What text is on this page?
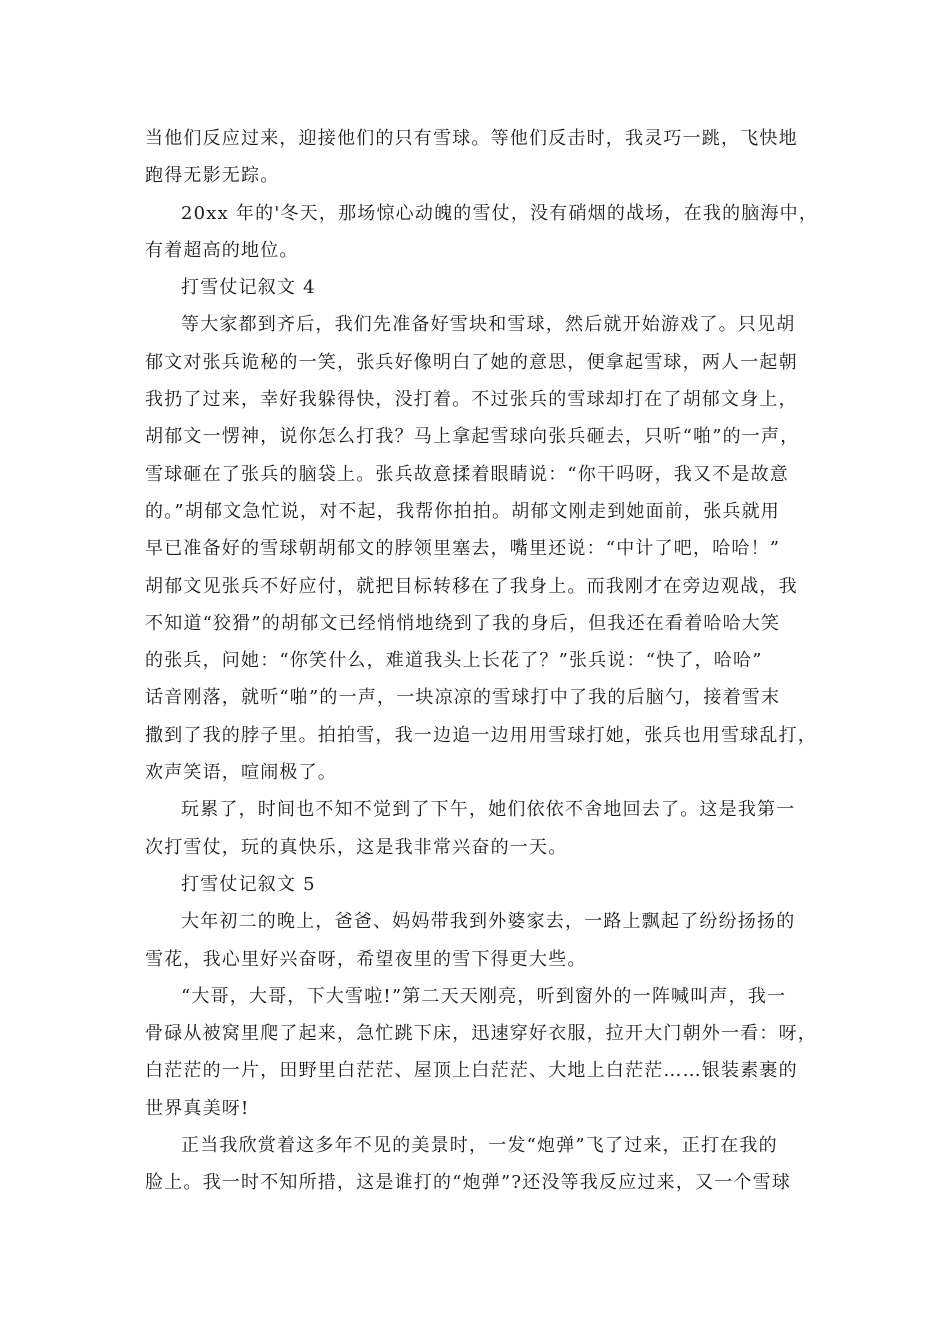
当他们反应过来，迎接他们的只有雪球。等他们反击时，我灵巧一跳，飞快地
跑得无影无踪。
20xx 年的'冬天，那场惊心动魄的雪仗，没有硝烟的战场，在我的脑海中，
有着超高的地位。
打雪仗记叙文 4
等大家都到齐后，我们先准备好雪块和雪球，然后就开始游戏了。只见胡
郁文对张兵诡秘的一笑，张兵好像明白了她的意思，便拿起雪球，两人一起朝
我扔了过来，幸好我躲得快，没打着。不过张兵的雪球却打在了胡郁文身上，
胡郁文一愣神，说你怎么打我？马上拿起雪球向张兵砸去，只听“啪”的一声，
雪球砸在了张兵的脑袋上。张兵故意揉着眼睛说：“你干吗呀，我又不是故意
的。”胡郁文急忙说，对不起，我帮你拍拍。胡郁文刚走到她面前，张兵就用
早已准备好的雪球朝胡郁文的脖领里塞去，嘴里还说：“中计了吧，哈哈！”
胡郁文见张兵不好应付，就把目标转移在了我身上。而我刚才在旁边观战，我
不知道“狡猾”的胡郁文已经悄悄地绕到了我的身后，但我还在看着哈哈大笑
的张兵，问她：“你笑什么，难道我头上长花了？”张兵说：“快了，哈哈”
话音刚落，就听“啪”的一声，一块凉凉的雪球打中了我的后脑勺，接着雪末
撒到了我的脖子里。拍拍雪，我一边追一边用用雪球打她，张兵也用雪球乱打，
欢声笑语，喧闹极了。
玩累了，时间也不知不觉到了下午，她们依依不舍地回去了。这是我第一
次打雪仗，玩的真快乐，这是我非常兴奋的一天。
打雪仗记叙文 5
大年初二的晚上，爸爸、妈妈带我到外婆家去，一路上飘起了纷纷扬扬的
雪花，我心里好兴奋呀，希望夜里的雪下得更大些。
“大哥，大哥，下大雪啦!”第二天天刚亮，听到窗外的一阵喊叫声，我一
骨碌从被窝里爬了起来，急忙跳下床，迅速穿好衣服，拉开大门朝外一看：呀，
白茫茫的一片，田野里白茫茫、屋顶上白茫茫、大地上白茫茫……银装素裹的
世界真美呀!
正当我欣赏着这多年不见的美景时，一发“炮弹”飞了过来，正打在我的
脸上。我一时不知所措，这是谁打的“炮弹”?还没等我反应过来，又一个雪球
